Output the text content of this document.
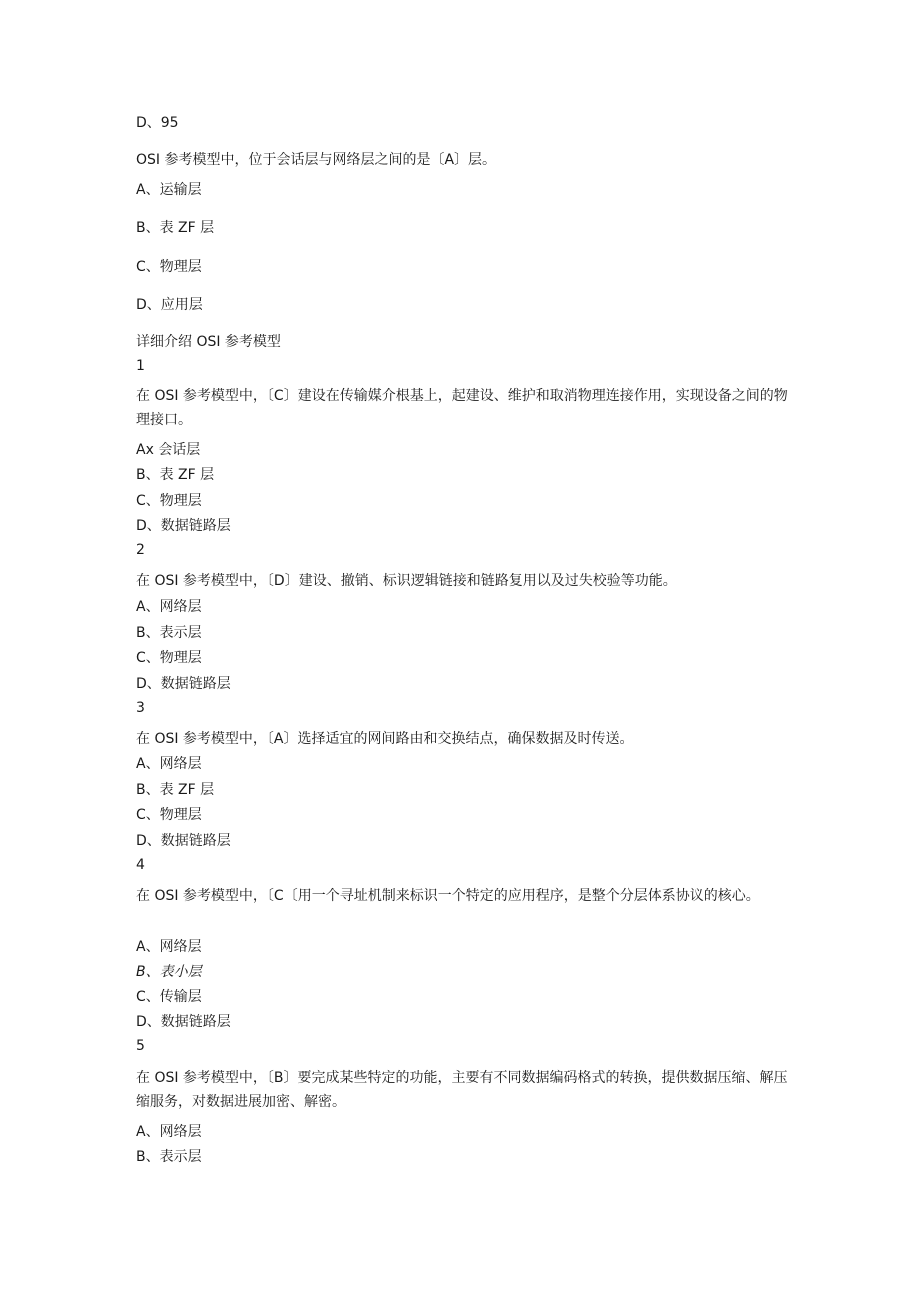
D、95

OSI 参考模型中，位于会话层与网络层之间的是〔A〕层。

A、运输层

B、表 ZF 层

C、物理层

D、应用层

详细介绍 OSI 参考模型

1

在 OSI 参考模型中，〔C〕建设在传输媒介根基上，起建设、维护和取消物理连接作用，实现设备之间的物理接口。

Ax 会话层

B、表 ZF 层

C、物理层

D、数据链路层

2

在 OSI 参考模型中，〔D〕建设、撤销、标识逻辑链接和链路复用以及过失校验等功能。

A、网络层

B、表示层

C、物理层

D、数据链路层

3

在 OSI 参考模型中，〔A〕选择适宜的网间路由和交换结点，确保数据及时传送。

A、网络层

B、表 ZF 层

C、物理层

D、数据链路层

4

在 OSI 参考模型中，〔C〔用一个寻址机制来标识一个特定的应用程序，是整个分层体系协议的核心。

A、网络层

B、表小层

C、传输层

D、数据链路层

5

在 OSI 参考模型中，〔B〕要完成某些特定的功能，主要有不同数据编码格式的转换，提供数据压缩、解压缩服务，对数据进展加密、解密。

A、网络层

B、表示层
